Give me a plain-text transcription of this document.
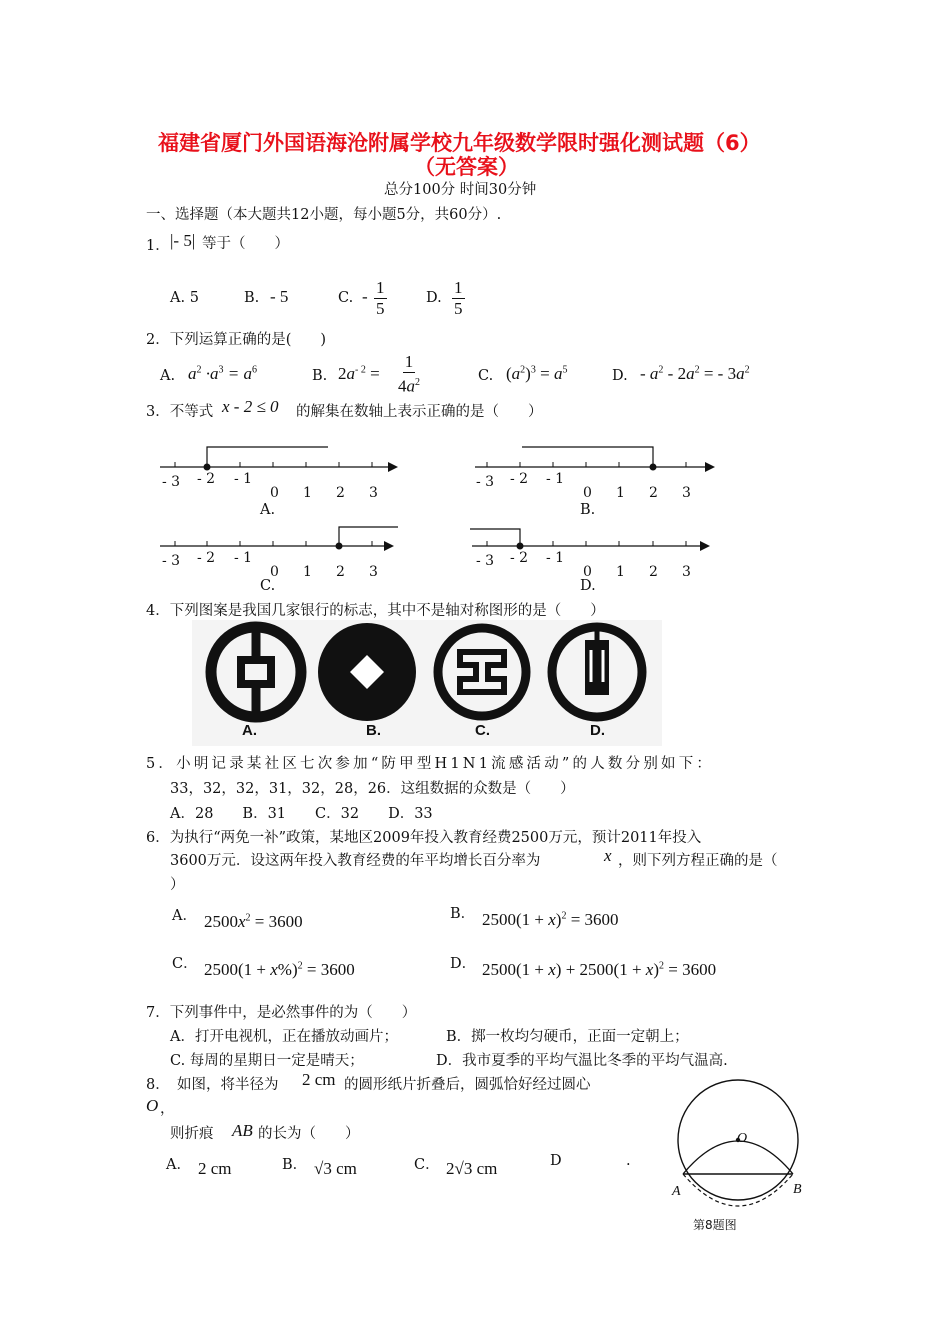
福建省厦门外国语海沧附属学校九年级数学限时强化测试题（6）
（无答案）
总分100分 时间30分钟
一、选择题（本大题共12小题，每小题5分，共60分）.
1． |- 5| 等于（　　）
A. 5	B. - 5	C. - $\frac{1}{5}$	D. $\frac{1}{5}$
2．下列运算正确的是(　　)
A. $a^2 \cdot a^3 = a^6$	B. $2a^{- 2} = \frac{1}{4a^2}$	C. $(a^2)^3 = a^5$	D. - $a^2 - 2a^2$ = - $3a^2$
3．不等式 x - 2 ≤ 0 的解集在数轴上表示正确的是（　　）
- 3 - 2 - 1
0 1 2 3
A.
- 3 - 2 - 1
0 1 2 3
B.
- 3 - 2 - 1
0 1 2 3
C.
- 3 - 2 - 1
0 1 2 3
D.
4．下列图案是我国几家银行的标志，其中不是轴对称图形的是（　　）
A.	B.	C.	D.
5．小明记录某社区七次参加“防甲型H1N1流感活动”的人数分别如下：
33，32，32，31，32，28，26．这组数据的众数是（　　）
A．28　　B．31　　C．32　　D．33
6．为执行“两免一补”政策，某地区2009年投入教育经费2500万元，预计2011年投入
3600万元．设这两年投入教育经费的年平均增长百分率为	x ，则下列方程正确的是（
）
A． $2500x^2 = 3600$	B． $2500(1 + x)^2 = 3600$
C． $2500(1 + x\%)^2 = 3600$	D． $2500(1 + x) + 2500(1 + x)^2 = 3600$
7．下列事件中，是必然事件的为（　　）
A．打开电视机，正在播放动画片；	B．掷一枚均匀硬币，正面一定朝上；
C. 每周的星期日一定是晴天；	D．我市夏季的平均气温比冬季的平均气温高.
8．　如图，将半径为 2 cm 的圆形纸片折叠后，圆弧恰好经过圆心
O ，
则折痕 AB 的长为（　　）
A． 2 cm	B． √3 cm	C． 2√3 cm	D	.
O
A	B
第8题图
